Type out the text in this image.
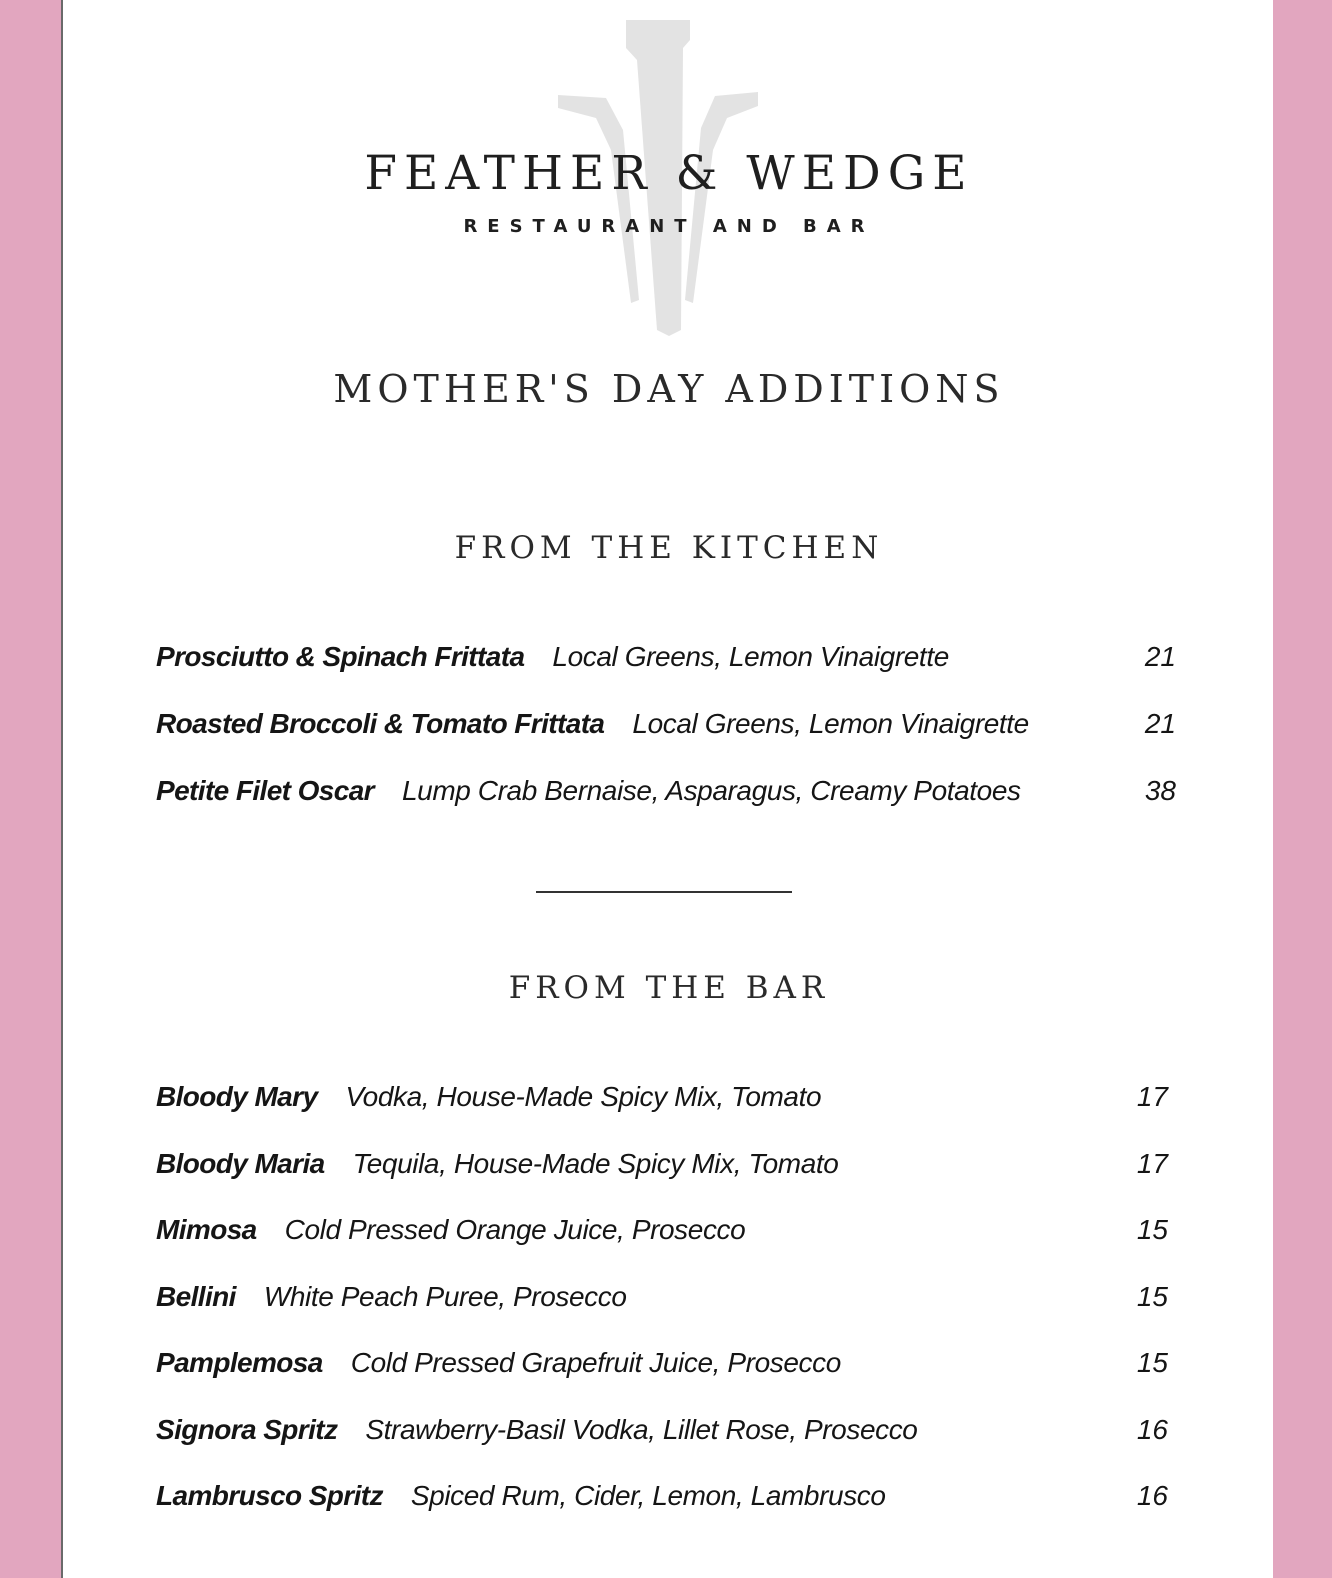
FEATHER & WEDGE
RESTAURANT AND BAR
MOTHER'S DAY ADDITIONS
FROM THE KITCHEN
Prosciutto & Spinach Frittata Local Greens, Lemon Vinaigrette	21
Roasted Broccoli & Tomato Frittata Local Greens, Lemon Vinaigrette	21
Petite Filet Oscar Lump Crab Bernaise, Asparagus, Creamy Potatoes	38
FROM THE BAR
Bloody Mary Vodka, House-Made Spicy Mix, Tomato	17
Bloody Maria Tequila, House-Made Spicy Mix, Tomato	17
Mimosa Cold Pressed Orange Juice, Prosecco	15
Bellini White Peach Puree, Prosecco	15
Pamplemosa Cold Pressed Grapefruit Juice, Prosecco	15
Signora Spritz Strawberry-Basil Vodka, Lillet Rose, Prosecco	16
Lambrusco Spritz Spiced Rum, Cider, Lemon, Lambrusco	16
